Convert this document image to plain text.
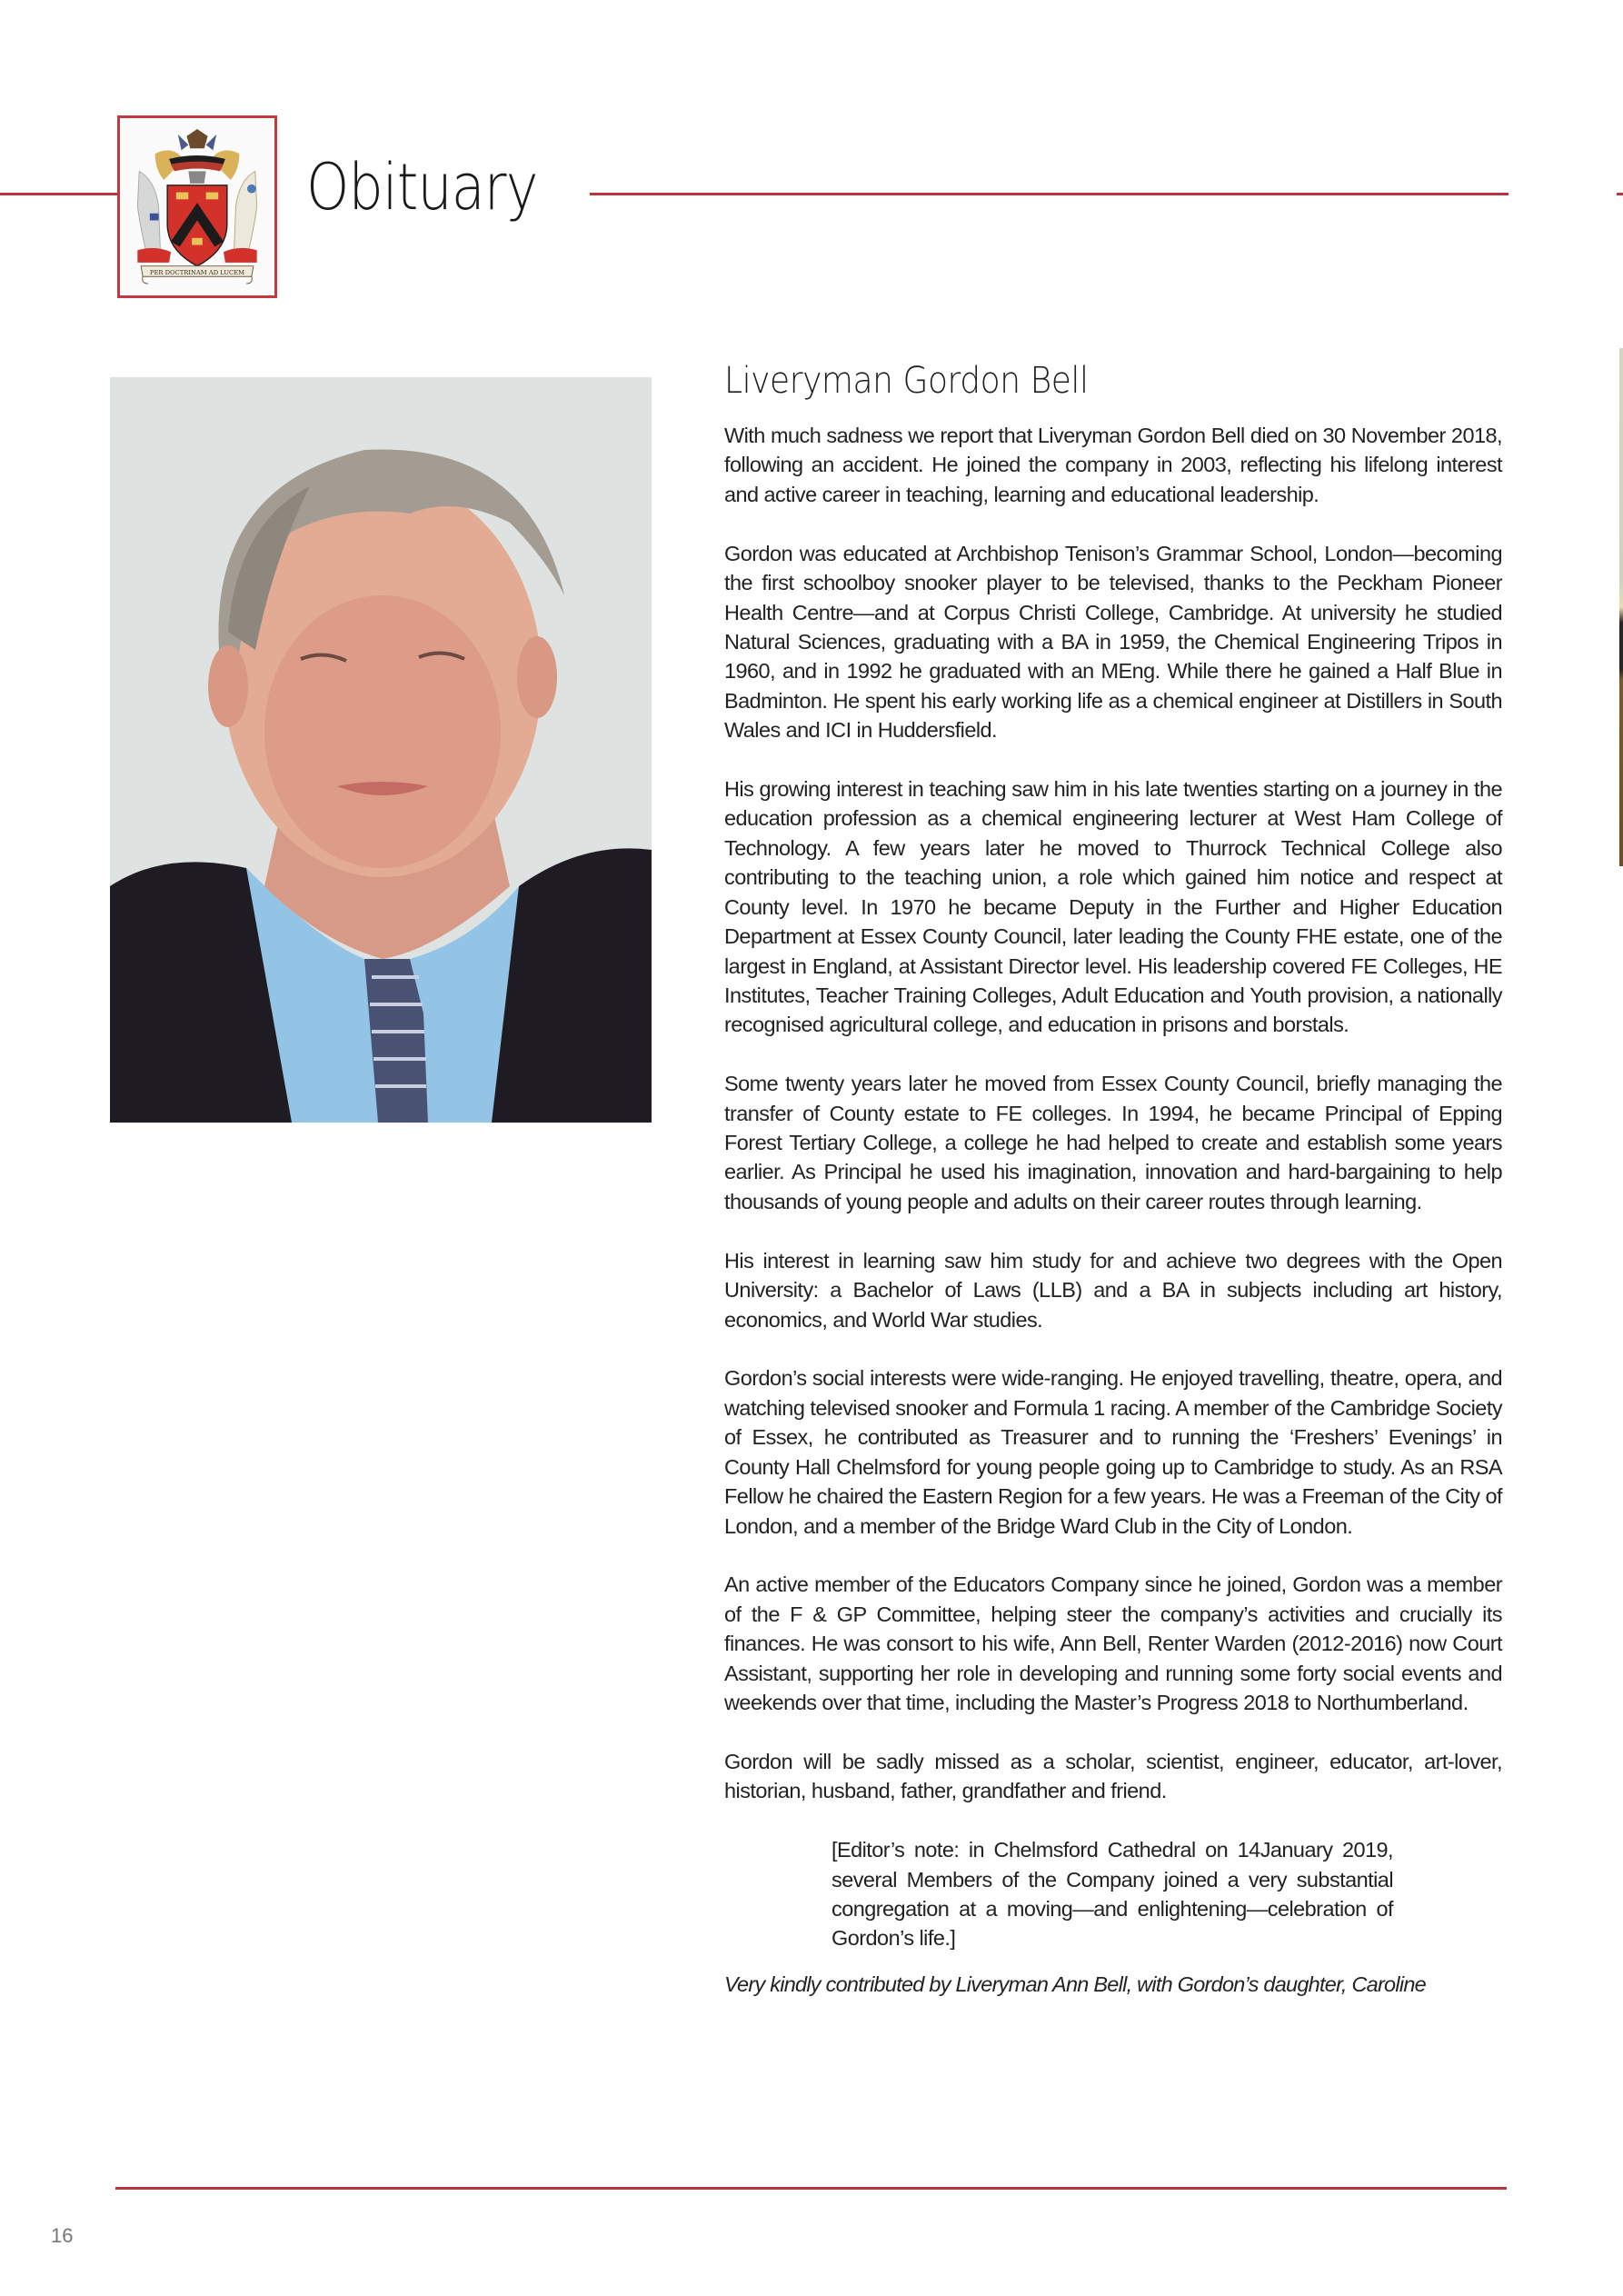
PER DOCTRINAM AD LUCEM
Obituary
Liveryman Gordon Bell

With much sadness we report that Liveryman Gordon Bell died on 30 November 2018, following an accident. He joined the company in 2003, reflecting his lifelong interest and active career in teaching, learning and educational leadership.

Gordon was educated at Archbishop Tenison’s Grammar School, London—becoming the first schoolboy snooker player to be televised, thanks to the Peckham Pioneer Health Centre—and at Corpus Christi College, Cambridge. At university he studied Natural Sciences, graduating with a BA in 1959, the Chemical Engineering Tripos in 1960, and in 1992 he graduated with an MEng. While there he gained a Half Blue in Badminton. He spent his early working life as a chemical engineer at Distillers in South Wales and ICI in Huddersfield.

His growing interest in teaching saw him in his late twenties starting on a journey in the education profession as a chemical engineering lecturer at West Ham College of Technology. A few years later he moved to Thurrock Technical College also contributing to the teaching union, a role which gained him notice and respect at County level. In 1970 he became Deputy in the Further and Higher Education Department at Essex County Council, later leading the County FHE estate, one of the largest in England, at Assistant Director level. His leadership covered FE Colleges, HE Institutes, Teacher Training Colleges, Adult Education and Youth provision, a nationally recognised agricultural college, and education in prisons and borstals.

Some twenty years later he moved from Essex County Council, briefly managing the transfer of County estate to FE colleges. In 1994, he became Principal of Epping Forest Tertiary College, a college he had helped to create and establish some years earlier. As Principal he used his imagination, innovation and hard-bargaining to help thousands of young people and adults on their career routes through learning.

His interest in learning saw him study for and achieve two degrees with the Open University: a Bachelor of Laws (LLB) and a BA in subjects including art history, economics, and World War studies.

Gordon’s social interests were wide-ranging. He enjoyed travelling, theatre, opera, and watching televised snooker and Formula 1 racing. A member of the Cambridge Society of Essex, he contributed as Treasurer and to running the ‘Freshers’ Evenings’ in County Hall Chelmsford for young people going up to Cambridge to study. As an RSA Fellow he chaired the Eastern Region for a few years. He was a Freeman of the City of London, and a member of the Bridge Ward Club in the City of London.

An active member of the Educators Company since he joined, Gordon was a member of the F & GP Committee, helping steer the company’s activities and crucially its finances. He was consort to his wife, Ann Bell, Renter Warden (2012-2016) now Court Assistant, supporting her role in developing and running some forty social events and weekends over that time, including the Master’s Progress 2018 to Northumberland.

Gordon will be sadly missed as a scholar, scientist, engineer, educator, art-lover, historian, husband, father, grandfather and friend.

[Editor’s note: in Chelmsford Cathedral on 14January 2019, several Members of the Company joined a very substantial congregation at a moving—and enlightening—celebration of Gordon’s life.]

Very kindly contributed by Liveryman Ann Bell, with Gordon’s daughter, Caroline

16
